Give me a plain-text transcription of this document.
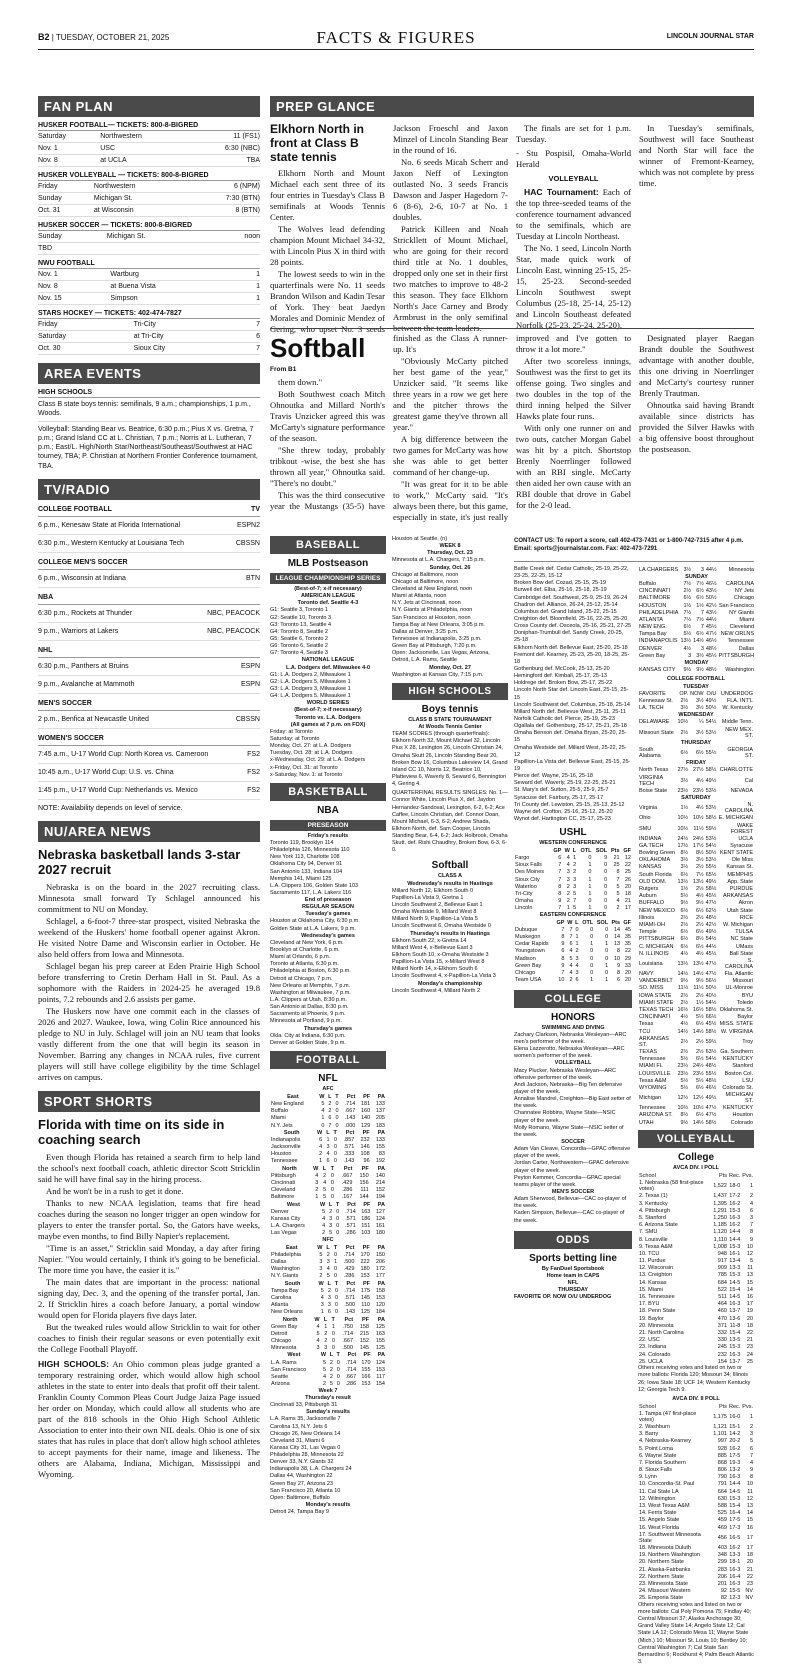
B2 | TUESDAY, OCTOBER 21, 2025	FACTS & FIGURES	LINCOLN JOURNAL STAR
FAN PLAN
HUSKER FOOTBALL— TICKETS: 800-8-BIGRED
Saturday	Northwestern	11 (FS1)
Nov. 1	USC	6:30 (NBC)
Nov. 8	at UCLA	TBA
HUSKER VOLLEYBALL — TICKETS: 800-8-BIGRED
Friday	Northwestern	6 (NPM)
Sunday	Michigan St.	7:30 (BTN)
Oct. 31	at Wisconsin	8 (BTN)
HUSKER SOCCER — TICKETS: 800-8-BIGRED
Sunday	Michigan St.	noon
TBD		
NWU FOOTBALL
Nov. 1	Wartburg	1
Nov. 8	at Buena Vista	1
Nov. 15	Simpson	1
STARS HOCKEY — TICKETS: 402-474-7827
Friday	Tri-City	7
Saturday	at Tri-City	6
Oct. 30	Sioux City	7
AREA EVENTS
HIGH SCHOOLS
Class B state boys tennis: semifinals, 9 a.m.; championships, 1 p.m., Woods.
Volleyball: Standing Bear vs. Beatrice, 6:30 p.m.; Pius X vs. Gretna, 7 p.m.; Grand Island CC at L. Christian, 7 p.m.; Norris at L. Lutheran, 7 p.m.; East/L. High/North Star/Northeast/Southeast/Southwest at HAC tourney, TBA; P. Christian at Northern Frontier Conference tournament, TBA.
TV/RADIO
COLLEGE FOOTBALL	TV
6 p.m., Kenesaw State at Florida International	ESPN2
6:30 p.m., Western Kentucky at Louisiana Tech	CBSSN
COLLEGE MEN'S SOCCER
6 p.m., Wisconsin at Indiana	BTN
NBA
6:30 p.m., Rockets at Thunder	NBC, PEACOCK
9 p.m., Warriors at Lakers	NBC, PEACOCK
NHL
6:30 p.m., Panthers at Bruins	ESPN
9 p.m., Avalanche at Mammoth	ESPN
MEN'S SOCCER
2 p.m., Benfica at Newcastle United	CBSSN
WOMEN'S SOCCER
7:45 a.m., U-17 World Cup: North Korea vs. Cameroon	FS2
10:45 a.m., U-17 World Cup: U.S. vs. China	FS2
1:45 p.m., U-17 World Cup: Netherlands vs. Mexico	FS2
NOTE: Availability depends on level of service.
NU/AREA NEWS
Nebraska basketball lands 3-star 2027 recruit

Nebraska is on the board in the 2027 recruiting class. Minnesota small forward Ty Schlagel announced his commitment to NU on Monday.

Schlagel, a 6-foot-7 three-star prospect, visited Nebraska the weekend of the Huskers' home football opener against Akron. He visited Notre Dame and Wisconsin earlier in October. He also held offers from Iowa and Minnesota.

Schlagel began his prep career at Eden Prairie High School before transferring to Cretin Derham Hall in St. Paul. As a sophomore with the Raiders in 2024-25 he averaged 19.8 points, 7.2 rebounds and 2.6 assists per game.

The Huskers now have one commit each in the classes of 2026 and 2027. Waukee, Iowa, wing Colin Rice announced his pledge to NU in July. Schlagel will join an NU team that looks vastly different from the one that will begin its season in November. Barring any changes in NCAA rules, five current players will still have college eligibility by the time Schlagel arrives on campus.

SPORT SHORTS
Florida with time on its side in coaching search

Even though Florida has retained a search firm to help land the school's next football coach, athletic director Scott Stricklin said he will have final say in the hiring process.

And he won't be in a rush to get it done.

Thanks to new NCAA legislation, teams that fire head coaches during the season no longer trigger an open window for players to enter the transfer portal. So, the Gators have weeks, maybe even months, to find Billy Napier's replacement.

"Time is an asset," Stricklin said Monday, a day after firing Napier. "You would certainly, I think it's going to be beneficial. The more time you have, the easier it is."

The main dates that are important in the process: national signing day, Dec. 3, and the opening of the transfer portal, Jan. 2. If Stricklin hires a coach before January, a portal window would open for Florida players five days later.

But the tweaked rules would allow Stricklin to wait for other coaches to finish their regular seasons or even potentially exit the College Football Playoff.

HIGH SCHOOLS: An Ohio common pleas judge granted a temporary restraining order, which would allow high school athletes in the state to enter into deals that profit off their talent. Franklin County Common Pleas Court Judge Jaiza Page issued her order on Monday, which could allow all students who are part of the 818 schools in the Ohio High School Athletic Association to enter into their own NIL deals. Ohio is one of six states that has rules in place that don't allow high school athletes to accept payments for their name, image and likeness. The others are Alabama, Indiana, Michigan, Mississippi and Wyoming.

PREP GLANCE
Elkhorn North in front at Class B state tennis

Elkhorn North and Mount Michael each sent three of its four entries in Tuesday's Class B semifinals at Woods Tennis Center.

The Wolves lead defending champion Mount Michael 34-32, with Lincoln Pius X in third with 28 points.

The lowest seeds to win in the quarterfinals were No. 11 seeds Brandon Wilson and Kadin Tesar of York. They beat Jaedyn Morales and Dominic Mendez of Gering, who upset No. 3 seeds Jackson Froeschl and Jaxon Minzel of Lincoln Standing Bear in the round of 16.

No. 6 seeds Micah Scherr and Jaxon Neff of Lexington outlasted No. 3 seeds Francis Dawson and Jasper Hagedorn 7-6 (8-6), 2-6, 10-7 at No. 1 doubles.

Patrick Killeen and Noah Strickllett of Mount Michael, who are going for their record third title at No. 1 doubles, dropped only one set in their first two matches to improve to 48-2 this season. They face Elkhorn North's Jace Carney and Brody Armbrust in the only semifinal between the team leaders.

The finals are set for 1 p.m. Tuesday.

- Stu Pospisil, Omaha-World Herald

VOLLEYBALL

HAC Tournament: Each of the top three-seeded teams of the conference tournament advanced to the semifinals, which are Tuesday at Lincoln Northeast.

The No. 1 seed, Lincoln North Star, made quick work of Lincoln East, winning 25-15, 25-15, 25-23. Second-seeded Lincoln Southwest swept Columbus (25-18, 25-14, 25-12) and Lincoln Southeast defeated Norfolk (25-23, 25-24, 25-20).

In Tuesday's semifinals, Southwest will face Southeast and North Star will face the winner of Fremont-Kearney, which was not complete by press time.

Softball
From B1

them down."

Both Southwest coach Mitch Ohnoutka and Millard North's Travis Unzicker agreed this was McCarty's signature performance of the season.

"She threw today, probably tribkout -wise, the best she has thrown all year," Ohnoutka said. "There's no doubt."

This was the third consecutive year the Mustangs (35-5) have finished as the Class A runner-up. It's

"Obviously McCarty pitched her best game of the year," Unzicker said. "It seems like three years in a row we get here and the pitcher throws the greatest game they've thrown all year."

A big difference between the two games for McCarty was how she was able to get better command of her change-up.

"It was great for it to be able to work," McCarty said. "It's always been there, but this game, especially in state, it's just really improved and I've gotten to throw it a lot more."

After two scoreless innings, Southwest was the first to get its offense going. Two singles and two doubles in the top of the third inning helped the Silver Hawks plate four runs.

With only one runner on and two outs, catcher Morgan Gabel was hit by a pitch. Shortstop Brenly Noerrlinger followed with an RBI single. McCarty then aided her own cause with an RBI double that drove in Gabel for the 2-0 lead.

Designated player Raegan Brandt double the Southwest advantage with another double, this one driving in Noerrlinger and McCarty's courtesy runner Brenly Trautman.

Ohnoutka said having Brandt available since districts has provided the Silver Hawks with a big offensive boost throughout the postseason.

BASEBALL
MLB Postseason
LEAGUE CHAMPIONSHIP SERIES
(Best-of-7; x-if necessary)
AMERICAN LEAGUE
Toronto def. Seattle 4-3
G1: Seattle 3, Toronto 1
G2: Seattle 10, Toronto 3
G3: Toronto 13, Seattle 4
G4: Toronto 8, Seattle 2
G5: Seattle 6, Toronto 2
G6: Toronto 6, Seattle 2
G7: Toronto 4, Seattle 3
NATIONAL LEAGUE
L.A. Dodgers def. Milwaukee 4-0
G1: L.A. Dodgers 2, Milwaukee 1
G2: L.A. Dodgers 5, Milwaukee 1
G3: L.A. Dodgers 3, Milwaukee 1
G4: L.A. Dodgers 5, Milwaukee 1
WORLD SERIES
(Best-of-7; x-if necessary)
Toronto vs. L.A. Dodgers
(All games at 7 p.m. on FOX)
Friday: at Toronto
Saturday: at Toronto
Monday, Oct. 27: at L.A. Dodgers
Tuesday, Oct. 28: at L.A. Dodgers
x-Wednesday, Oct. 29: at L.A. Dodgers
x-Friday, Oct. 31: at Toronto
x-Saturday, Nov. 1: at Toronto
BASKETBALL
NBA
PRESEASON
Friday's results
Toronto 119, Brooklyn 114
Philadelphia 126, Minnesota 110
New York 113, Charlotte 108
Oklahoma City 94, Denver 91
San Antonio 133, Indiana 104
Memphis 141, Miami 125
L.A. Clippers 106, Golden State 103
Sacramento 117, L.A. Lakers 116
End of preseason
REGULAR SEASON
Tuesday's games
Houston at Oklahoma City, 6:30 p.m.
Golden State at L.A. Lakers, 9 p.m.
Wednesday's games
Cleveland at New York, 6 p.m.
Brooklyn at Charlotte, 6 p.m.
Miami at Orlando, 6 p.m.
Toronto at Atlanta, 6:30 p.m.
Philadelphia at Boston, 6:30 p.m.
Detroit at Chicago, 7 p.m.
New Orleans at Memphis, 7 p.m.
Washington at Milwaukee, 7 p.m.
L.A. Clippers at Utah, 8:30 p.m.
San Antonio at Dallas, 8:30 p.m.
Sacramento at Phoenix, 9 p.m.
Minnesota at Portland, 9 p.m.
Thursday's games
Okla. City at Indiana, 6:30 p.m.
Denver at Golden State, 9 p.m.
FOOTBALL
NFL
AFC
East	W	L	T	Pct	PF	PA
New England	5	2	0	.714	181	133
Buffalo	4	2	0	.667	160	137
Miami	1	6	0	.143	140	205
N.Y. Jets	0	7	0	.000	129	183
South	W	L	T	Pct	PF	PA
Indianapolis	6	1	0	.857	232	133
Jacksonville	4	3	0	.571	146	155
Houston	2	4	0	.333	108	83
Tennessee	1	6	0	.143	96	192
North	W	L	T	Pct	PF	PA
Pittsburgh	4	2	0	.667	150	140
Cincinnati	3	4	0	.429	156	214
Cleveland	2	5	0	.286	111	152
Baltimore	1	5	0	.167	144	194
West	W	L	T	Pct	PF	PA
Denver	5	2	0	.714	163	127
Kansas City	4	3	0	.571	186	124
L.A. Chargers	4	3	0	.571	151	161
Las Vegas	2	5	0	.286	103	180
NFC
East	W	L	T	Pct	PF	PA
Philadelphia	5	2	0	.714	170	150
Dallas	3	3	1	.500	222	206
Washington	3	4	0	.429	180	172
N.Y. Giants	2	5	0	.286	153	177
South	W	L	T	Pct	PF	PA
Tampa Bay	5	2	0	.714	175	158
Carolina	4	3	0	.571	145	153
Atlanta	3	3	0	.500	110	120
New Orleans	1	6	0	.143	125	184
North	W	L	T	Pct	PF	PA
Green Bay	4	1	1	.750	158	125
Detroit	5	2	0	.714	215	163
Chicago	4	2	0	.667	152	155
Minnesota	3	3	0	.500	145	125
West	W	L	T	Pct	PF	PA
L.A. Rams	5	2	0	.714	170	124
San Francisco	5	2	0	.714	155	153
Seattle	4	2	0	.667	166	117
Arizona	2	5	0	.286	153	154
Week 7
Thursday's result
Cincinnati 33, Pittsburgh 31
Sunday's results
L.A. Rams 35, Jacksonville 7
Carolina 13, N.Y. Jets 6
Chicago 26, New Orleans 14
Cleveland 31, Miami 6
Kansas City 31, Las Vegas 0
Philadelphia 28, Minnesota 22
Denver 33, N.Y. Giants 32
Indianapolis 38, L.A. Chargers 24
Dallas 44, Washington 22
Green Bay 27, Arizona 23
San Francisco 20, Atlanta 10
Open: Baltimore, Buffalo
Monday's results
Detroit 24, Tampa Bay 9
Houston at Seattle, (n)
WEEK 8
Thursday, Oct. 23
Minnesota at L.A. Chargers, 7:15 p.m.
Sunday, Oct. 26
Chicago at Baltimore, noon
Chicago at Baltimore, noon
Cleveland at New England, noon
Miami at Atlanta, noon
N.Y. Jets at Cincinnati, noon
N.Y. Giants at Philadelphia, noon
San Francisco at Houston, noon
Tampa Bay at New Orleans, 3:05 p.m.
Dallas at Denver, 3:25 p.m.
Tennessee at Indianapolis, 3:25 p.m.
Green Bay at Pittsburgh, 7:20 p.m.
Open: Jacksonville, Las Vegas, Arizona, Detroit, L.A. Rams, Seattle
Monday, Oct. 27
Washington at Kansas City, 7:15 p.m.
HIGH SCHOOLS
Boys tennis
CLASS B STATE TOURNAMENT
At Woods Tennis Center
TEAM SCORES (through quarterfinals): Elkhorn North 32, Mount Michael 32, Lincoln Pius X 28, Lexington 26, Lincoln Christian 24, Omaha Skutt 26, Lincoln Standing Bear 20, Broken Bow 16, Columbus Lakeview 14, Grand Island CC 10, Norris 12, Beatrice 10, Platteview 6, Waverly 8, Seward 6, Bennington 4, Gering 4.
QUARTERFINAL RESULTS SINGLES: No. 1—Connor White, Lincoln Pius X, def. Jaydon Hernandez-Sandoval, Lexington, 6-2, 6-2; Ace Caffee, Lincoln Christian, def. Connor Doan, Mount Michael, 6-3, 6-2; Andrew Shada, Elkhorn North, def. Sam Cooper, Lincoln Standing Bear, 6-4, 6-2; Jack Holbrook, Omaha Skutt, def. Rishi Chaudhry, Broken Bow, 6-3, 6-0.
Softball
CLASS A
Wednesday's results in Hastings
Millard North 12, Elkhorn South 0
Papillion-La Vista 9, Gretna 1
Lincoln Southwest 2, Bellevue East 1
Omaha Westside 9, Millard West 8
Millard North 9, Papillion-La Vista 5
Lincoln Southwest 6, Omaha Westside 0
Thursday's results in Hastings
Elkhorn South 22, x-Gretna 14
Millard West 4, x-Bellevue East 3
Elkhorn South 10, x-Omaha Westside 3
Papillion-La Vista 15, x-Millard West 8
Millard North 14, x-Elkhorn South 6
Lincoln Southwest 4, x-Papillion-La Vista 3
Monday's championship
Lincoln Southwest 4, Millard North 2
CONTACT US: To report a score, call 402-473-7431 or 1-800-742-7315 after 4 p.m.
Email: sports@journalstar.com. Fax: 402-473-7291
Battle Creek def. Cedar Catholic, 25-19, 25-22, 23-25, 22-25, 15-12
Broken Bow def. Cozad, 25-15, 25-19
Burwell def. Elba, 25-16, 25-18, 25-19
Cambridge def. Southwest, 25-9, 25-19, 26-24
Chadron def. Alliance, 26-24, 25-12, 25-14
Columbus def. Grand Island, 25-22, 25-15
Creighton def. Bloomfield, 25-16, 22-25, 25-20
Cross County def. Osceola, 25-16, 25-21, 27-25
Doniphan-Trumbull def. Sandy Creek, 20-25, 25-18
Elkhorn North def. Bellevue East, 25-20, 25-18
Fremont def. Kearney, 25-23, 25-20, 18-25, 25-18
Gothenburg def. McCook, 25-13, 25-20
Hemingford def. Kimball, 25-17, 25-13
Holdrege def. Broken Bow, 25-17, 25-22
Lincoln North Star def. Lincoln East, 25-15, 25-15
Lincoln Southwest def. Columbus, 25-18, 25-14
Millard North def. Bellevue West, 25-11, 25-11
Norfolk Catholic def. Pierce, 25-19, 25-23
Ogallala def. Gothenburg, 25-17, 25-21, 25-18
Omaha Benson def. Omaha Bryan, 25-20, 25-15
Omaha Westside def. Millard West, 25-22, 25-12
Papillion-La Vista def. Bellevue East, 25-15, 25-19
Pierce def. Wayne, 25-16, 25-18
Seward def. Waverly, 25-19, 22-25, 25-21
St. Mary's def. Sutton, 25-5, 25-9, 25-7
Syracuse def. Fairbury, 25-17, 25-17
Tri County def. Lewiston, 25-15, 25-13, 25-12
Wayne def. Crofton, 25-16, 25-12, 25-20
Wynot def. Hartington CC, 25-17, 25-23
USHL
WESTERN CONFERENCE
	GP	W	L	OTL	SOL	Pts	GF
Fargo	6	4	1	0	9	21	12
Sioux Falls	7	4	2	1	0	25	22
Des Moines	7	3	2	0	0	8	25
Sioux City	7	3	3	1	0	7	26
Waterloo	8	2	3	1	0	5	20
Tri-City	8	2	5	1	0	5	18
Omaha	9	2	7	0	0	4	21
Lincoln	7	1	5	1	0	2	17
EASTERN CONFERENCE
	GP	W	L	OTL	SOL	Pts	GF
Dubuque	7	7	0	0	0	14	45
Muskegon	8	7	1	0	0	14	35
Cedar Rapids	9	6	1	1	1	13	35
Youngstown	6	4	2	0	0	8	22
Madison	8	5	3	0	0	10	29
Green Bay	9	4	4	0	1	9	33
Chicago	7	4	3	0	0	8	20
Team USA	10	2	6	1	1	6	20
COLLEGE
HONORS
SWIMMING AND DIVING
Zachary Clarkson, Nebraska Wesleyan—ARC men's performer of the week.
Elena Lazzerotto, Nebraska Wesleyan—ARC women's performer of the week.
VOLLEYBALL
Macy Plucker, Nebraska Wesleyan—ARC offensive performer of the week.
Andi Jackson, Nebraska—Big Ten defensive player of the week.
Annalise Mandrel, Creighton—Big East setter of the week.
Channatee Robbins, Wayne State—NSIC player of the week.
Molly Romano, Wayne State—NSIC setter of the week.
SOCCER
Adam Van Cleave, Concordia—GPAC offensive player of the week.
Jordan Carter, Northwestern—GPAC defensive player of the week.
Peyton Kemmer, Concordia—GPAC special teams player of the week.
MEN'S SOCCER
Adam Sherwood, Bellevue—CAC co-player of the week.
Kaden Simpson, Bellevue—CAC co-player of the week.
ODDS
Sports betting line
By FanDuel Sportsbook
Home team in CAPS
NFL
THURSDAY
FAVORITE OP. NOW O/U UNDERDOG
LA CHARGERS	3½	3	44½	Minnesota
SUNDAY				
Buffalo	7½	7½	46½	CAROLINA
CINCINNATI	2½	6½	43½	NY Jets
BALTIMORE	6½	6½	50½	Chicago
HOUSTON	1½	1½	42½	San Francisco
PHILADELPHIA	7½	7	43½	NY Giants
ATLANTA	7½	7½	44½	Miami
NEW ENG.	6½	7	45½	Cleveland
Tampa Bay	5½	6½	47½	NEW ORLNS
INDIANAPOLIS	13½	14½	46½	Tennessee
DENVER	4½	3	48½	Dallas
Green Bay	3	3½	45½	PITTSBURGH
MONDAY				
KANSAS CITY	9½	9½	48½	Washington
COLLEGE FOOTBALL
TUESDAY				
FAVORITE	OP.	NOW	O/U	UNDERDOG
Kennesaw St.	2½	3½	49½	FLA. INT'L
LA. TECH	3½	3½	50½	W. Kentucky
WEDNESDAY				
DELAWARE	10½	¼	54½	Middle Tenn.
Missouri State	2½	3½	53½	NEW MEX. ST.
THURSDAY				
South Alabama	6½	6½	55½	GEORGIA ST.
FRIDAY				
North Texas	27½	27½	58½	CHARLOTTE
VIRGINIA TECH	3½	4½	49½	Cal
Boise State	23½	23½	53½	NEVADA
SATURDAY				
Virginia	1½	4½	53½	N. CAROLINA
Ohio	10½	10½	58½	E. MICHIGAN
SMU	10½	11½	59½	WAKE FOREST
INDIANA	24½	24½	53½	UCLA
GA.TECH	17½	17½	54½	Syracuse
Bowling Green	8½	8½	50½	KENT STATE
OKLAHOMA	3½	3½	53½	Ole Miss
KANSAS	3½	2½	55½	Kansas St.
South Florida	6½	7½	65½	MEMPHIS
OLD DOM.	13½	13½	49½	App. State
Rutgers	1½	2½	58½	PURDUE
Auburn	5½	4½	45½	ARKANSAS
BUFFALO	9½	9½	47½	Akron
NEW MEXICO	6½	6½	62½	Utah State
Illinois	2½	2½	48½	RICE
MIAMI-OH	2½	2½	42½	W. Michigan
Temple	6½	6½	49½	TULSA
PITTSBURGH	6½	8½	54½	NC State
C. MICHIGAN	6½	6½	44½	UMass
N. ILLINOIS	4½	4½	45½	Ball State
Louisiana	13½	13½	47½	S. CAROLINA
NAVY	14½	14½	47½	Fla. Atlantic
VANDERBILT	9½	9½	56½	Missouri
SO. MISS	11½	11½	50½	UL-Monroe
IOWA STATE	2½	2½	40½	BYU
MIAMI STATE	2½	1½	54½	Toledo
TEXAS TECH	16½	16½	58½	Oklahoma St.
CINCINNATI	4½	5½	66½	Baylor
Texas	4½	6½	45½	MISS. STATE
TCU	14½	14½	58½	W. VIRGINIA
ARKANSAS ST.	2½	2½	59½	Troy
TEXAS	2½	2½	63½	Ga. Southern
Tennessee	5½	6½	54½	KENTUCKY
MIAMI FL	23½	24½	48½	Stanford
LOUISVILLE	23½	23½	55½	Boston Col.
Texas A&M	5½	5½	48½	LSU
WYOMING	5½	6½	46½	Colorado St.
Michigan	12½	12½	49½	MICHIGAN ST.
Tennessee	10½	10½	47½	KENTUCKY
ARIZONA ST.	8½	6½	47½	Houston
UTAH	9½	14½	58½	Colorado
VOLLEYBALL
College
AVCA DIV. I POLL
School	Pts	Rec.	Pvs.
1. Nebraska (58 first-place votes)	1,522	18-0	1
2. Texas (1)	1,437	17-2	2
3. Kentucky	1,395	16-2	4
4. Pittsburgh	1,291	15-3	6
5. Stanford	1,250	16-3	3
6. Arizona State	1,185	16-2	7
7. SMU	1,120	14-4	8
8. Louisville	1,110	14-4	9
9. Texas A&M	1,008	15-3	10
10. TCU	948	16-1	12
11. Purdue	917	13-4	5
12. Wisconsin	909	13-3	11
13. Creighton	785	15-3	13
14. Kansas	684	14-5	15
15. Miami	522	15-4	14
16. Tennessee	511	14-5	16
17. BYU	464	16-3	17
18. Penn State	460	13-7	19
19. Baylor	470	13-6	20
20. Minnesota	371	11-8	18
21. North Carolina	332	15-4	22
22. USC	330	13-5	21
23. Indiana	245	15-3	23
24. Colorado	232	16-3	24
25. UCLA	154	13-7	25
Others receiving votes and listed on two or more ballots: Florida 120; Missouri 34; Illinois 26; Iowa State 18; UCF 14; Western Kentucky 12; Georgia Tech 9.
AVCA DIV. II POLL
School	Pts	Rec.	Pvs.
1. Tampa (47 first-place votes)	1,175	16-0	1
2. Washburn	1,121	15-1	2
3. Barry	1,101	14-2	3
4. Nebraska-Kearney	997	20-2	5
5. Point Loma	928	16-2	6
6. Wayne State	885	17-5	7
7. Florida Southern	868	19-3	4
8. Sioux Falls	806	13-2	9
9. Lynn	790	16-3	8
10. Concordia-St. Paul	791	14-4	10
11. Cal State LA	664	14-5	11
12. Wilmington	630	15-3	12
13. West Texas A&M	588	15-4	13
14. Ferris State	525	16-4	14
15. Angelo State	459	17-5	15
16. West Florida	469	17-3	16
17. Southwest Minnesota State	456	16-5	17
18. Minnesota Duluth	403	16-2	17
19. Northern Washington	348	13-3	18
20. Northern State	299	18-1	20
21. Alaska-Fairbanks	283	16-3	21
22. Northern State	206	16-4	22
23. Minnesota State	201	16-3	23
24. Missouri Western	92	15-5	NV
25. Emporia State	82	12-3	NV
Others receiving votes and listed on two or more ballots: Cal Poly Pomona 75; Findlay 40; Central Missouri 37; Alaska Anchorage 30; Grand Valley State 14; Angelo State 12; Cal State LA 12; Colorado Mesa 11; Wayne State (Mich.) 10; Missouri St. Louis 10; Bentley 10; Central Washington 7; Cal State San Bernardino 6; Rockhurst 4; Palm Beach Atlantic 3.
